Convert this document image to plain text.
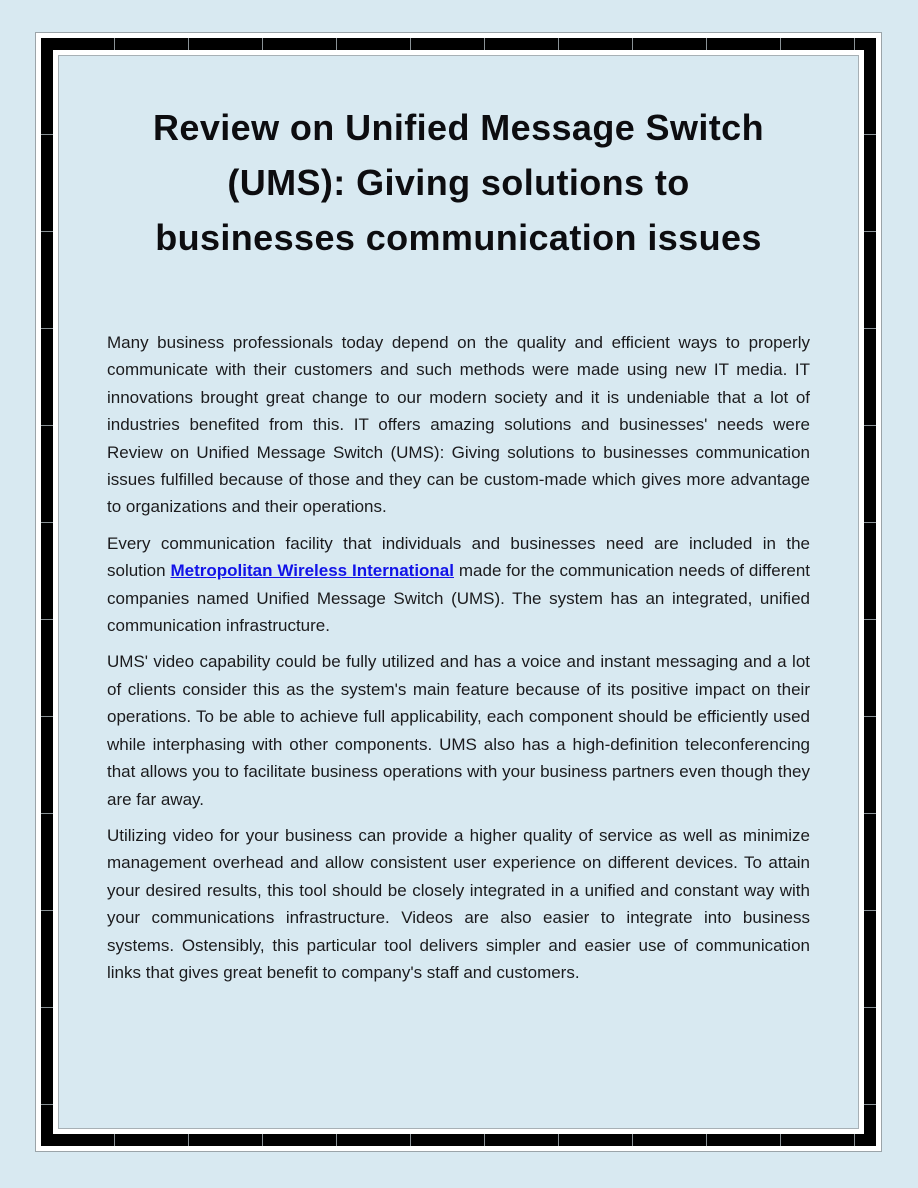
Review on Unified Message Switch
(UMS): Giving solutions to
businesses communication issues

Many business professionals today depend on the quality and efficient ways to properly communicate with their customers and such methods were made using new IT media. IT innovations brought great change to our modern society and it is undeniable that a lot of industries benefited from this. IT offers amazing solutions and businesses' needs were Review on Unified Message Switch (UMS): Giving solutions to businesses communication issues fulfilled because of those and they can be custom-made which gives more advantage to organizations and their operations.

Every communication facility that individuals and businesses need are included in the solution Metropolitan Wireless International made for the communication needs of different companies named Unified Message Switch (UMS). The system has an integrated, unified communication infrastructure.

UMS' video capability could be fully utilized and has a voice and instant messaging and a lot of clients consider this as the system's main feature because of its positive impact on their operations. To be able to achieve full applicability, each component should be efficiently used while interphasing with other components. UMS also has a high-definition teleconferencing that allows you to facilitate business operations with your business partners even though they are far away.

Utilizing video for your business can provide a higher quality of service as well as minimize management overhead and allow consistent user experience on different devices. To attain your desired results, this tool should be closely integrated in a unified and constant way with your communications infrastructure. Videos are also easier to integrate into business systems. Ostensibly, this particular tool delivers simpler and easier use of communication links that gives great benefit to company's staff and customers.
